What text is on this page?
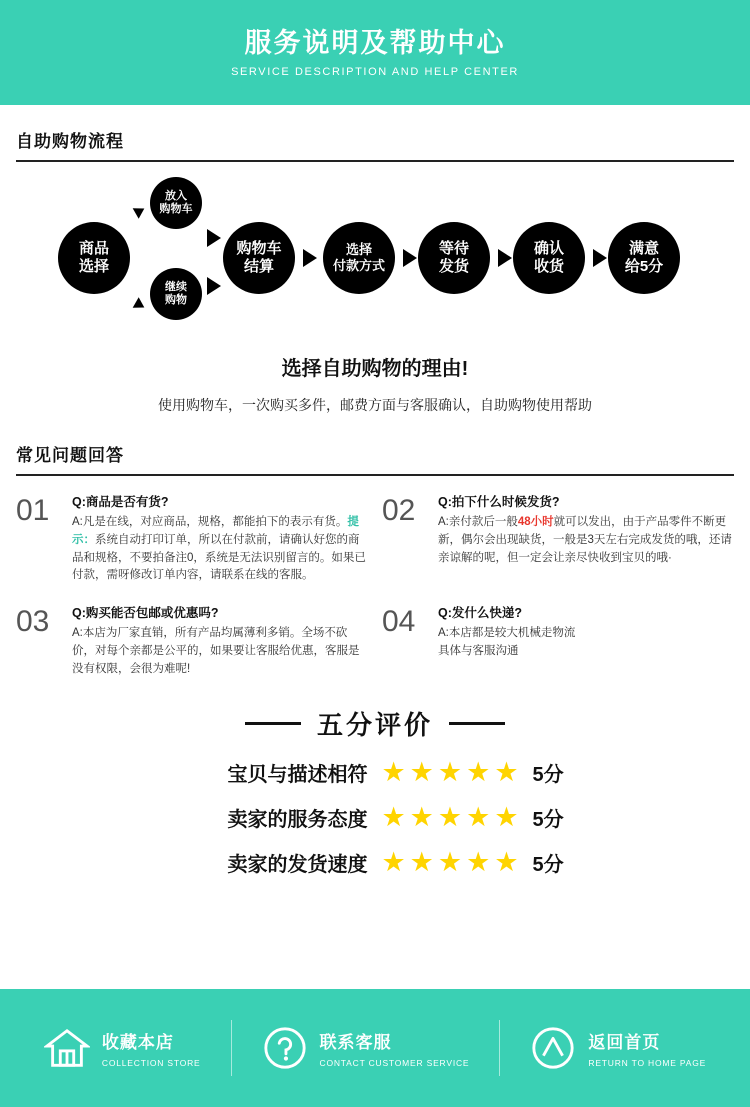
服务说明及帮助中心
SERVICE DESCRIPTION AND HELP CENTER
自助购物流程
商品
选择
放入
购物车
继续
购物
购物车
结算
选择
付款方式
等待
发货
确认
收货
满意
给5分
选择自助购物的理由!
使用购物车，一次购买多件，邮费方面与客服确认，自助购物使用帮助
常见问题回答
01	Q:商品是否有货?
A:凡是在线，对应商品，规格，都能拍下的表示有货。提示：系统自动打印订单，所以在付款前，请确认好您的商品和规格，不要拍备注0，系统是无法识别留言的。如果已付款，需呀修改订单内容，请联系在线的客服。
02	Q:拍下什么时候发货?
A:亲付款后一般48小时就可以发出，由于产品零件不断更新，偶尔会出现缺货，一般是3天左右完成发货的哦，还请亲谅解的呢，但一定会让亲尽快收到宝贝的哦·
03	Q:购买能否包邮或优惠吗?
A:本店为厂家直销，所有产品均属薄利多销。全场不砍价，对每个亲都是公平的，如果要让客服给优惠，客服是没有权限，会很为难呢!
04	Q:发什么快递?
A:本店都是较大机械走物流
具体与客服沟通
五分评价
宝贝与描述相符 ★ ★ ★ ★ ★ 5分
卖家的服务态度 ★ ★ ★ ★ ★ 5分
卖家的发货速度 ★ ★ ★ ★ ★ 5分
收藏本店
COLLECTION STORE
联系客服
CONTACT CUSTOMER SERVICE
返回首页
RETURN TO HOME PAGE
